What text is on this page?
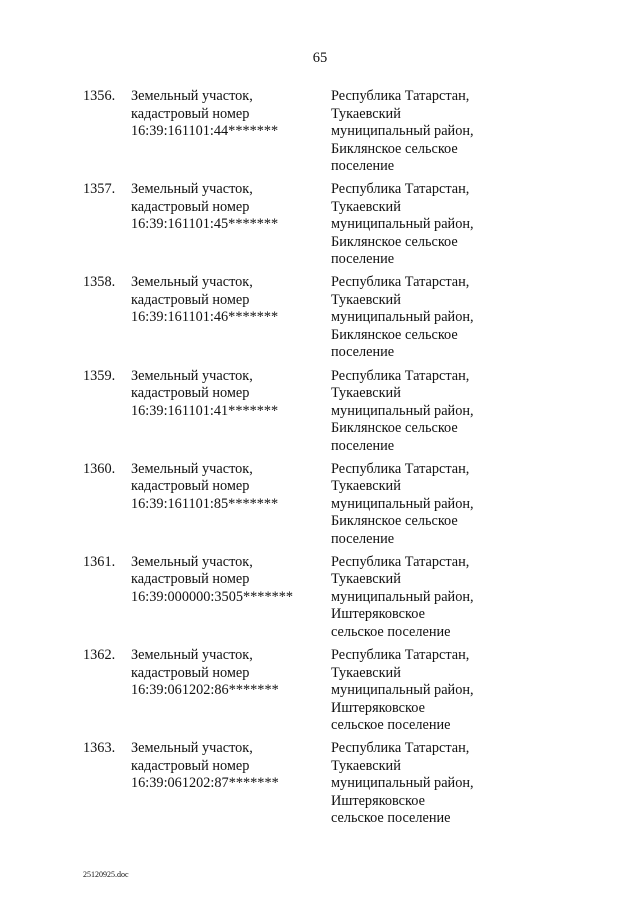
65
1356. Земельный участок,
кадастровый номер
16:39:161101:44*******
Республика Татарстан,
Тукаевский
муниципальный район,
Биклянское сельское
поселение
1357. Земельный участок,
кадастровый номер
16:39:161101:45*******
Республика Татарстан,
Тукаевский
муниципальный район,
Биклянское сельское
поселение
1358. Земельный участок,
кадастровый номер
16:39:161101:46*******
Республика Татарстан,
Тукаевский
муниципальный район,
Биклянское сельское
поселение
1359. Земельный участок,
кадастровый номер
16:39:161101:41*******
Республика Татарстан,
Тукаевский
муниципальный район,
Биклянское сельское
поселение
1360. Земельный участок,
кадастровый номер
16:39:161101:85*******
Республика Татарстан,
Тукаевский
муниципальный район,
Биклянское сельское
поселение
1361. Земельный участок,
кадастровый номер
16:39:000000:3505*******
Республика Татарстан,
Тукаевский
муниципальный район,
Иштеряковское
сельское поселение
1362. Земельный участок,
кадастровый номер
16:39:061202:86*******
Республика Татарстан,
Тукаевский
муниципальный район,
Иштеряковское
сельское поселение
1363. Земельный участок,
кадастровый номер
16:39:061202:87*******
Республика Татарстан,
Тукаевский
муниципальный район,
Иштеряковское
сельское поселение
25120925.doc
